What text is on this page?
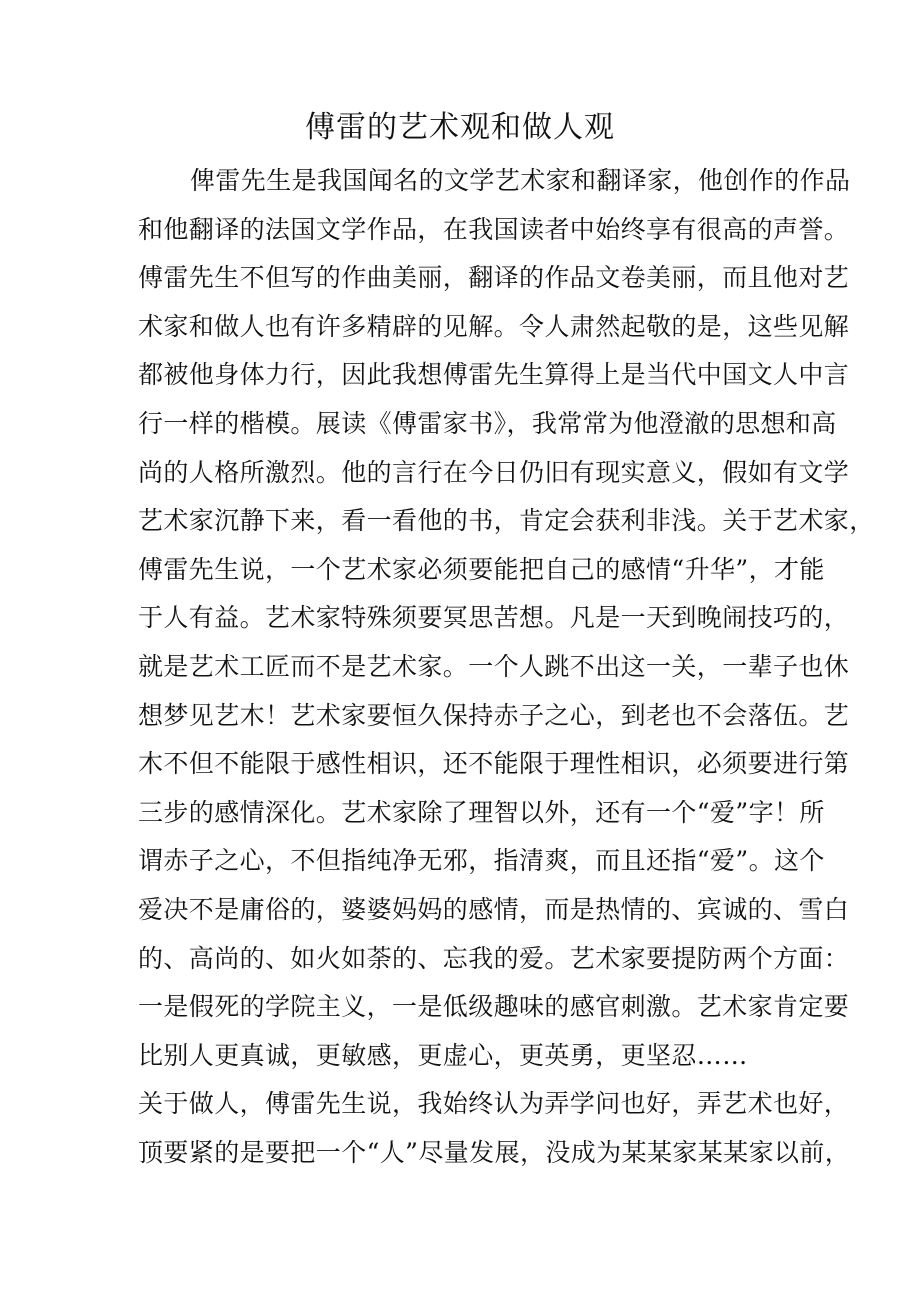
傅雷的艺术观和做人观
俾雷先生是我国闻名的文学艺术家和翻译家，他创作的作品
和他翻译的法国文学作品，在我国读者中始终享有很高的声誉。
傅雷先生不但写的作曲美丽，翻译的作品文卷美丽，而且他对艺
术家和做人也有许多精辟的见解。令人肃然起敬的是，这些见解
都被他身体力行，因此我想傅雷先生算得上是当代中国文人中言
行一样的楷模。展读《傅雷家书》，我常常为他澄澈的思想和高
尚的人格所激烈。他的言行在今日仍旧有现实意义，假如有文学
艺术家沉静下来，看一看他的书，肯定会获利非浅。关于艺术家，
傅雷先生说，一个艺术家必须要能把自己的感情“升华”，才能
于人有益。艺术家特殊须要冥思苦想。凡是一天到晚闹技巧的，
就是艺术工匠而不是艺术家。一个人跳不出这一关，一辈子也休
想梦见艺木！艺术家要恒久保持赤子之心，到老也不会落伍。艺
木不但不能限于感性相识，还不能限于理性相识，必须要进行第
三步的感情深化。艺术家除了理智以外，还有一个“爱”字！所
谓赤子之心，不但指纯净无邪，指清爽，而且还指“爱”。这个
爱决不是庸俗的，婆婆妈妈的感情，而是热情的、宾诚的、雪白
的、高尚的、如火如荼的、忘我的爱。艺术家要提防两个方面：
一是假死的学院主义，一是低级趣味的感官刺激。艺术家肯定要
比别人更真诚，更敏感，更虚心，更英勇，更坚忍……
关于做人，傅雷先生说，我始终认为弄学问也好，弄艺术也好，
顶要紧的是要把一个“人”尽量发展，没成为某某家某某家以前，
